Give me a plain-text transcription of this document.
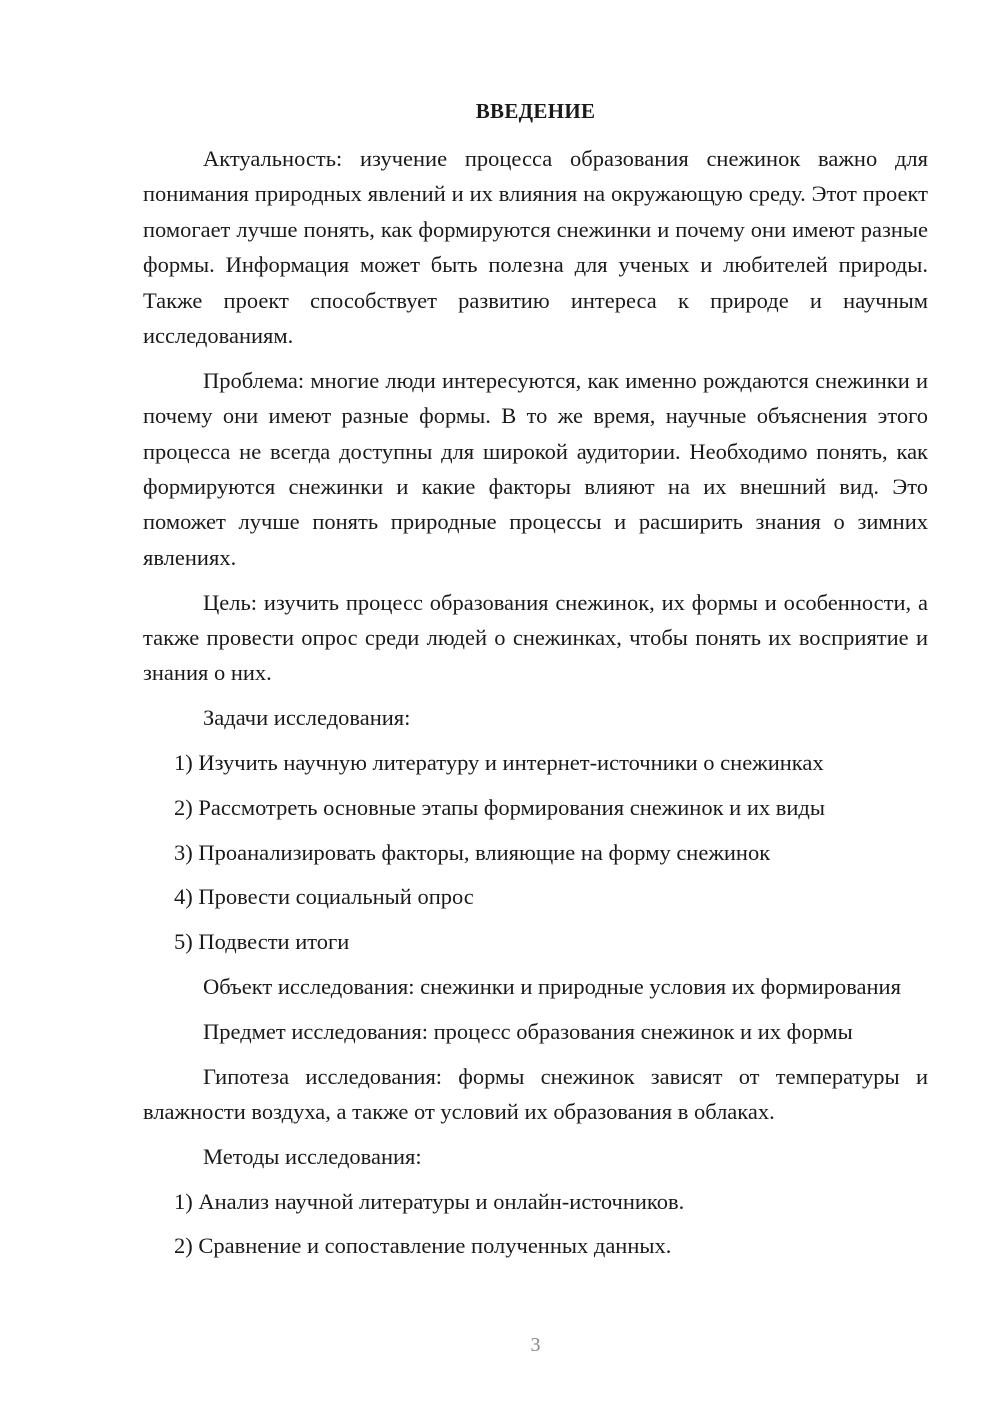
ВВЕДЕНИЕ

Актуальность: изучение процесса образования снежинок важно для понимания природных явлений и их влияния на окружающую среду. Этот проект помогает лучше понять, как формируются снежинки и почему они имеют разные формы. Информация может быть полезна для ученых и любителей природы. Также проект способствует развитию интереса к природе и научным исследованиям.

Проблема: многие люди интересуются, как именно рождаются снежинки и почему они имеют разные формы. В то же время, научные объяснения этого процесса не всегда доступны для широкой аудитории. Необходимо понять, как формируются снежинки и какие факторы влияют на их внешний вид. Это поможет лучше понять природные процессы и расширить знания о зимних явлениях.

Цель: изучить процесс образования снежинок, их формы и особенности, а также провести опрос среди людей о снежинках, чтобы понять их восприятие и знания о них.

Задачи исследования:

1) Изучить научную литературу и интернет-источники о снежинках
2) Рассмотреть основные этапы формирования снежинок и их виды
3) Проанализировать факторы, влияющие на форму снежинок
4) Провести социальный опрос
5) Подвести итоги

Объект исследования: снежинки и природные условия их формирования

Предмет исследования: процесс образования снежинок и их формы

Гипотеза исследования: формы снежинок зависят от температуры и влажности воздуха, а также от условий их образования в облаках.

Методы исследования:

1) Анализ научной литературы и онлайн-источников.
2) Сравнение и сопоставление полученных данных.
3
